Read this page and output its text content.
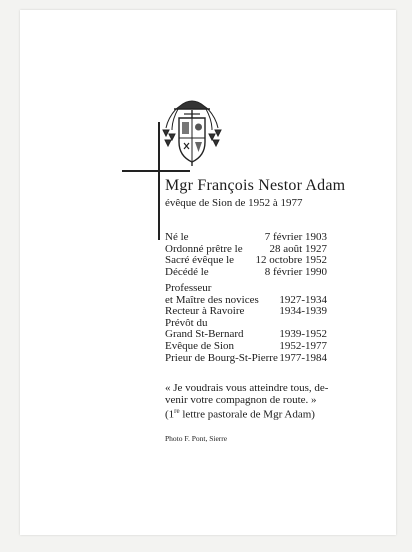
Mgr François Nestor Adam
évêque de Sion de 1952 à 1977
Né le	7 février 1903
Ordonné prêtre le 28 août 1927
Sacré évêque le 12 octobre 1952
Décédé le	8 février 1990
Professeur
et Maître des novices 1927-1934
Recteur à Ravoire	1934-1939
Prévôt du
Grand St-Bernard	1939-1952
Evêque de Sion	1952-1977
Prieur de Bourg-St-Pierre 1977-1984
« Je voudrais vous atteindre tous, de-
venir votre compagnon de route. »
(1re lettre pastorale de Mgr Adam)
Photo F. Pont, Sierre
